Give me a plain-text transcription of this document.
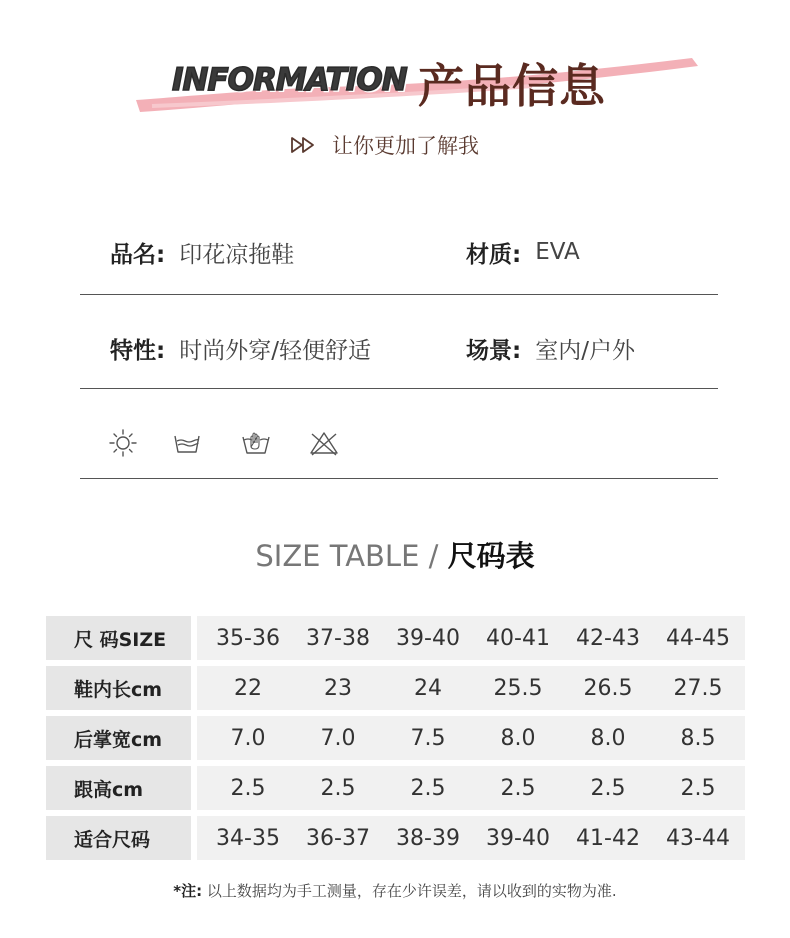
INFORMATION 产品信息
让你更加了解我
品名: 印花凉拖鞋	材质: EVA
特性: 时尚外穿/轻便舒适	场景: 室内/户外
SIZE TABLE / 尺码表
尺 码SIZE	35-36	37-38	39-40	40-41	42-43	44-45
鞋内长cm	22	23	24	25.5	26.5	27.5
后掌宽cm	7.0	7.0	7.5	8.0	8.0	8.5
跟高cm	2.5	2.5	2.5	2.5	2.5	2.5
适合尺码	34-35	36-37	38-39	39-40	41-42	43-44
*注: 以上数据均为手工测量，存在少许误差，请以收到的实物为准.
